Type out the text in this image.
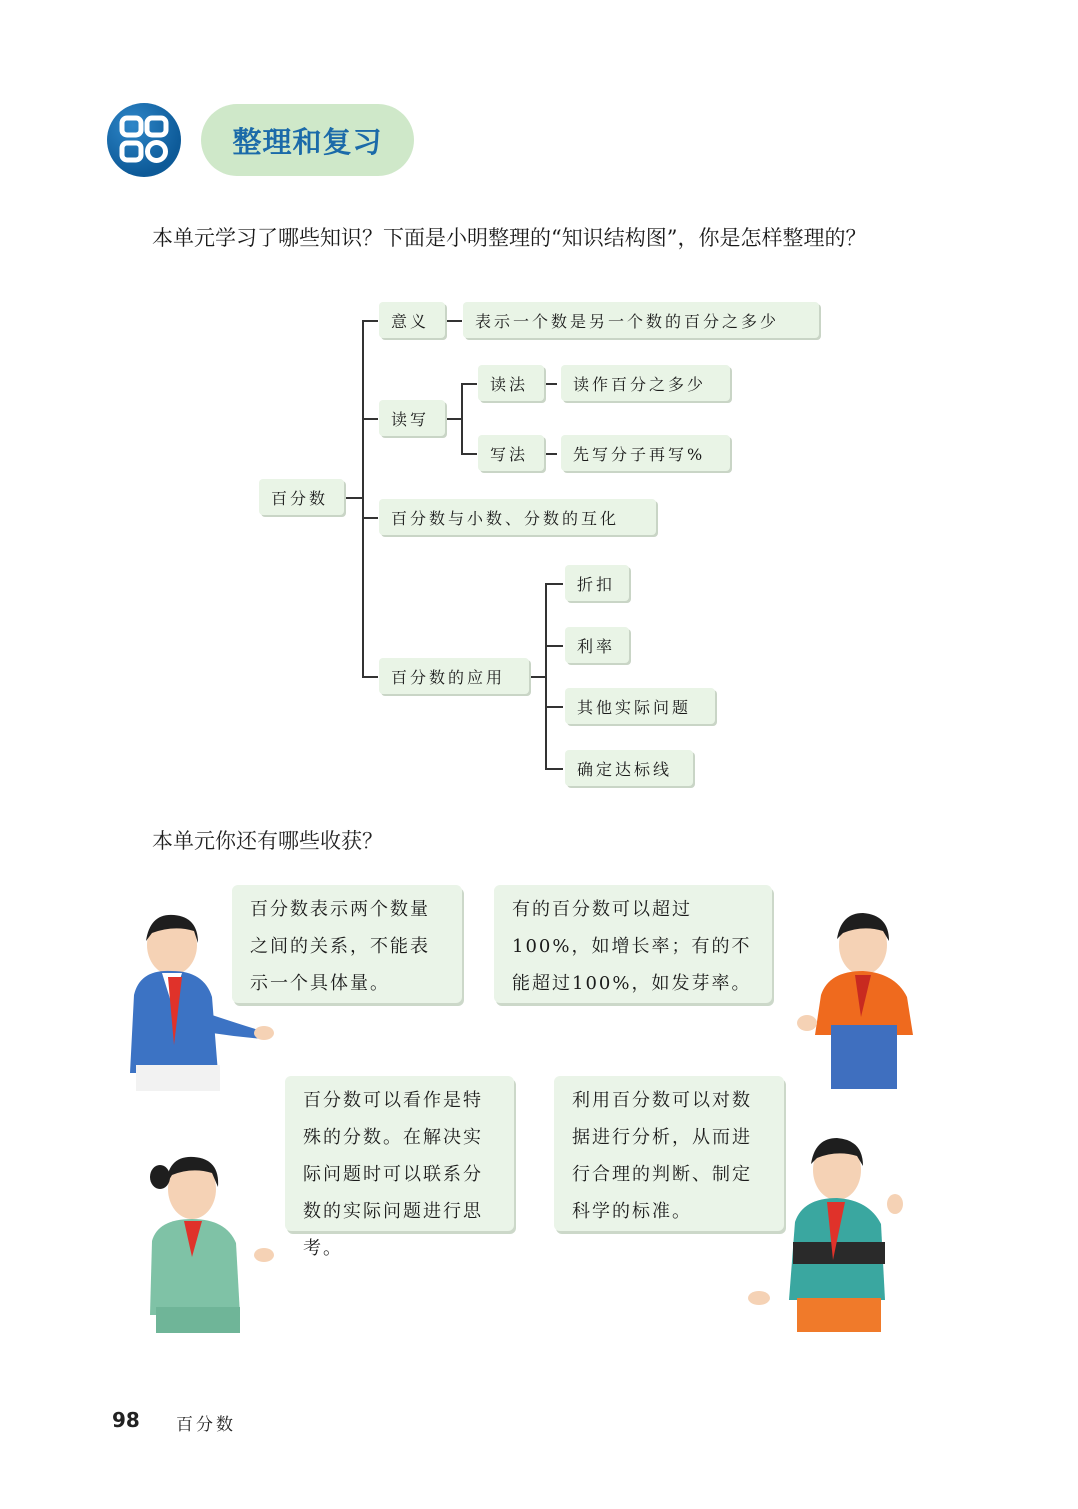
整理和复习
本单元学习了哪些知识？下面是小明整理的“知识结构图”，你是怎样整理的？
百分数
意义	表示一个数是另一个数的百分之多少
读写
读法	读作百分之多少
写法	先写分子再写%
百分数与小数、分数的互化
百分数的应用
折扣
利率
其他实际问题
确定达标线
本单元你还有哪些收获？
百分数表示两个数量之间的关系，不能表示一个具体量。
有的百分数可以超过100%，如增长率；有的不能超过100%，如发芽率。
百分数可以看作是特殊的分数。在解决实际问题时可以联系分数的实际问题进行思考。
利用百分数可以对数据进行分析，从而进行合理的判断、制定科学的标准。
98 百分数
